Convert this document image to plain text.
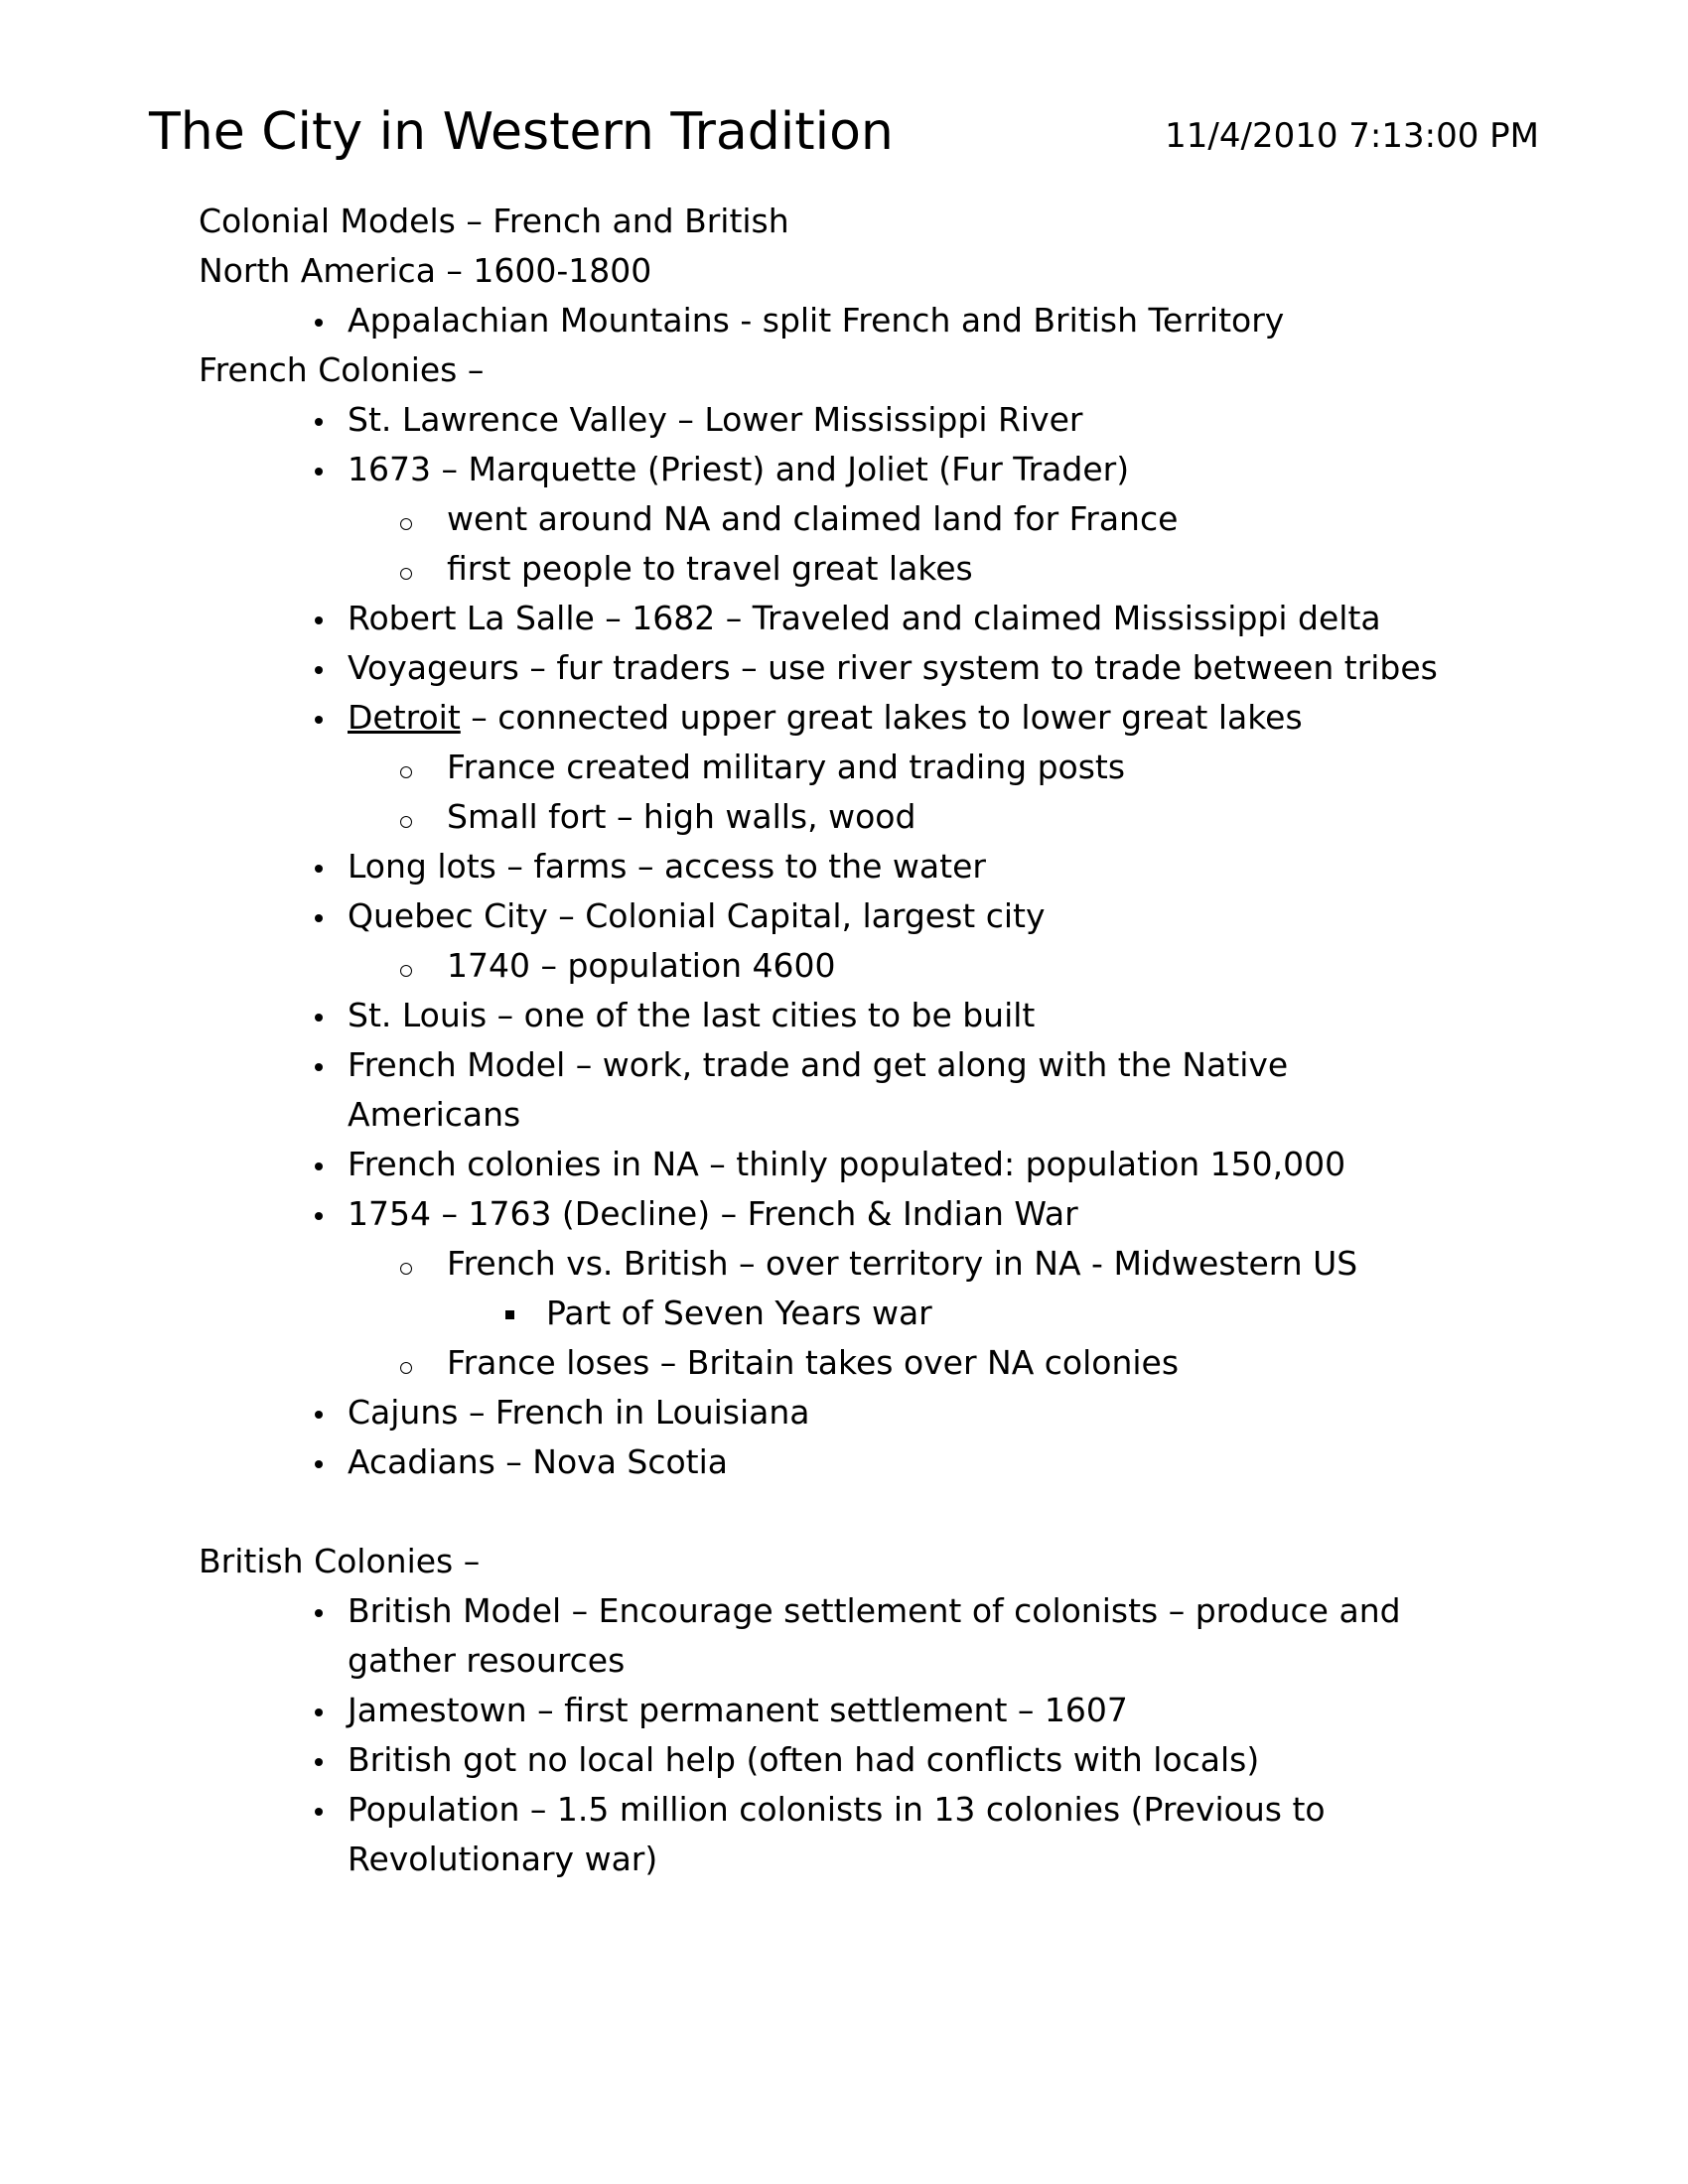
The City in Western Tradition	11/4/2010 7:13:00 PM
Colonial Models – French and British
North America – 1600-1800
Appalachian Mountains - split French and British Territory
French Colonies –
St. Lawrence Valley – Lower Mississippi River
1673 – Marquette (Priest) and Joliet (Fur Trader)
went around NA and claimed land for France
first people to travel great lakes
Robert La Salle – 1682 – Traveled and claimed Mississippi delta
Voyageurs – fur traders – use river system to trade between tribes
Detroit – connected upper great lakes to lower great lakes
France created military and trading posts
Small fort – high walls, wood
Long lots – farms – access to the water
Quebec City – Colonial Capital, largest city
1740 – population 4600
St. Louis – one of the last cities to be built
French Model – work, trade and get along with the Native
Americans
French colonies in NA – thinly populated: population 150,000
1754 – 1763 (Decline) – French & Indian War
French vs. British – over territory in NA - Midwestern US
Part of Seven Years war
France loses – Britain takes over NA colonies
Cajuns – French in Louisiana
Acadians – Nova Scotia
British Colonies –
British Model – Encourage settlement of colonists – produce and
gather resources
Jamestown – first permanent settlement – 1607
British got no local help (often had conflicts with locals)
Population – 1.5 million colonists in 13 colonies (Previous to
Revolutionary war)
